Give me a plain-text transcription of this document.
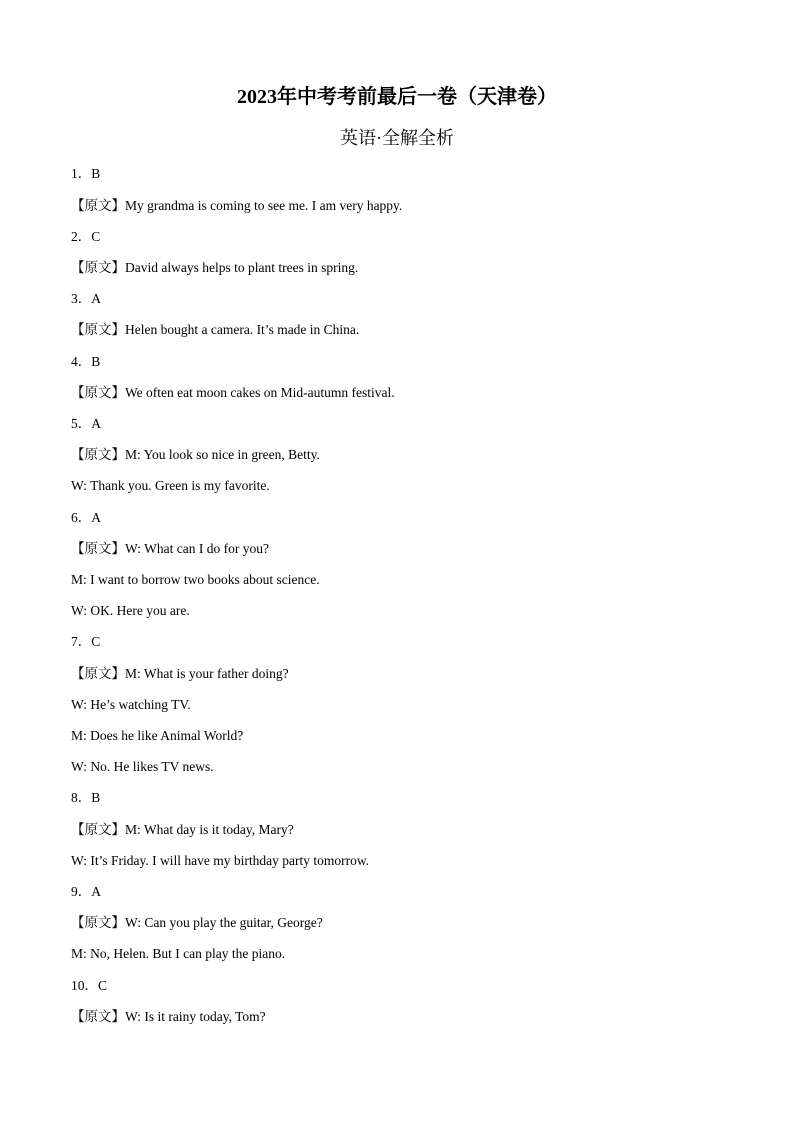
2023年中考考前最后一卷（天津卷）
英语·全解全析
1．B
【原文】My grandma is coming to see me. I am very happy.
2．C
【原文】David always helps to plant trees in spring.
3．A
【原文】Helen bought a camera. It’s made in China.
4．B
【原文】We often eat moon cakes on Mid-autumn festival.
5．A
【原文】M: You look so nice in green, Betty.
W: Thank you. Green is my favorite.
6．A
【原文】W: What can I do for you?
M: I want to borrow two books about science.
W: OK. Here you are.
7．C
【原文】M: What is your father doing?
W: He’s watching TV.
M: Does he like Animal World?
W: No. He likes TV news.
8．B
【原文】M: What day is it today, Mary?
W: It’s Friday. I will have my birthday party tomorrow.
9．A
【原文】W: Can you play the guitar, George?
M: No, Helen. But I can play the piano.
10．C
【原文】W: Is it rainy today, Tom?
